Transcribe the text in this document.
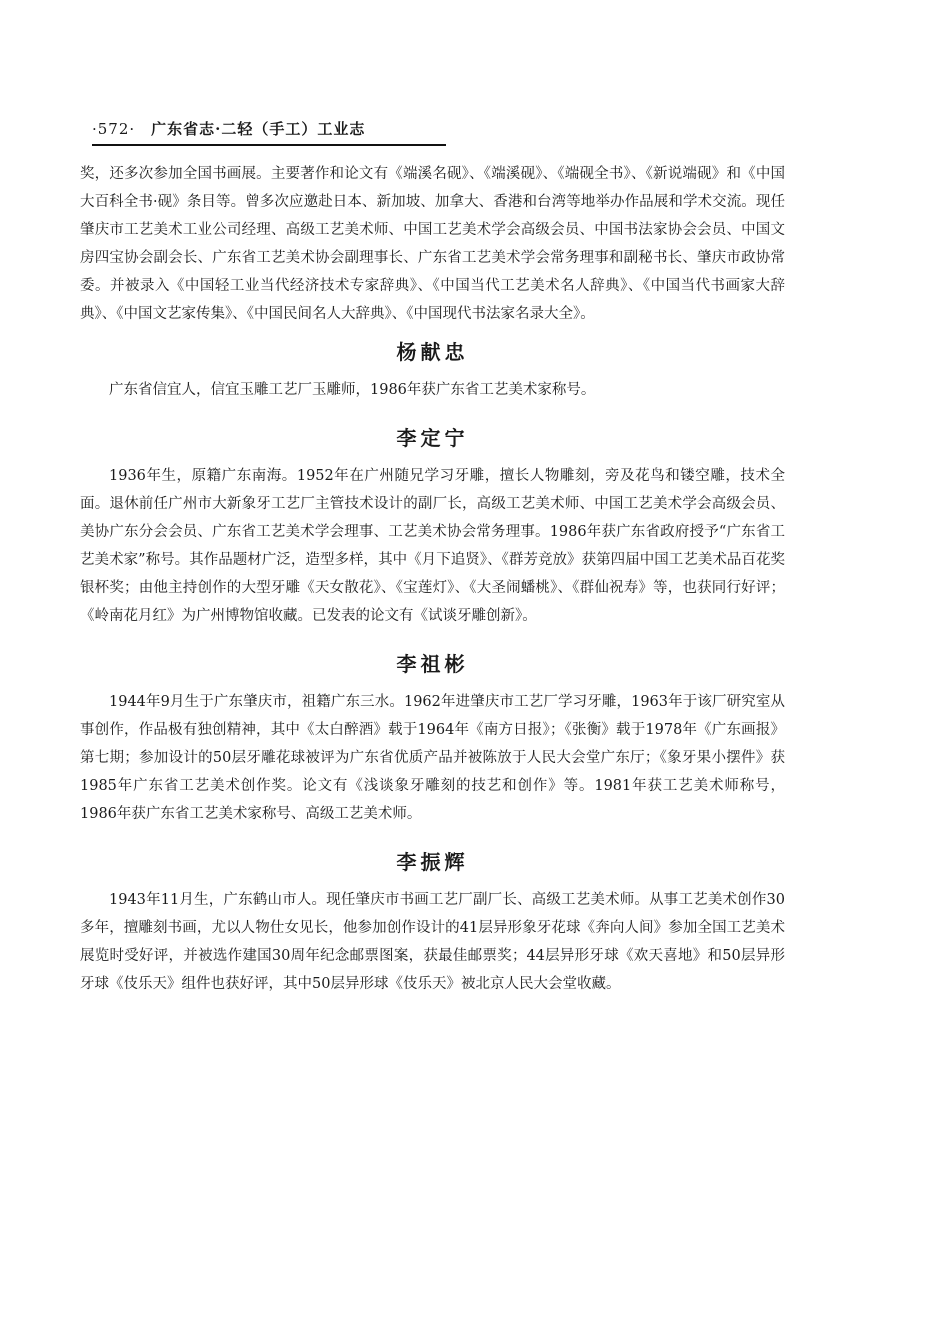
·572· 广东省志·二轻（手工）工业志

奖，还多次参加全国书画展。主要著作和论文有《端溪名砚》、《端溪砚》、《端砚全书》、《新说端砚》和《中国大百科全书·砚》条目等。曾多次应邀赴日本、新加坡、加拿大、香港和台湾等地举办作品展和学术交流。现任肇庆市工艺美术工业公司经理、高级工艺美术师、中国工艺美术学会高级会员、中国书法家协会会员、中国文房四宝协会副会长、广东省工艺美术协会副理事长、广东省工艺美术学会常务理事和副秘书长、肇庆市政协常委。并被录入《中国轻工业当代经济技术专家辞典》、《中国当代工艺美术名人辞典》、《中国当代书画家大辞典》、《中国文艺家传集》、《中国民间名人大辞典》、《中国现代书法家名录大全》。

杨献忠

广东省信宜人，信宜玉雕工艺厂玉雕师，1986年获广东省工艺美术家称号。

李定宁

1936年生，原籍广东南海。1952年在广州随兄学习牙雕，擅长人物雕刻，旁及花鸟和镂空雕，技术全面。退休前任广州市大新象牙工艺厂主管技术设计的副厂长，高级工艺美术师、中国工艺美术学会高级会员、美协广东分会会员、广东省工艺美术学会理事、工艺美术协会常务理事。1986年获广东省政府授予“广东省工艺美术家”称号。其作品题材广泛，造型多样，其中《月下追贤》、《群芳竞放》获第四届中国工艺美术品百花奖银杯奖；由他主持创作的大型牙雕《天女散花》、《宝莲灯》、《大圣闹蟠桃》、《群仙祝寿》等，也获同行好评；《岭南花月红》为广州博物馆收藏。已发表的论文有《试谈牙雕创新》。

李祖彬

1944年9月生于广东肇庆市，祖籍广东三水。1962年进肇庆市工艺厂学习牙雕，1963年于该厂研究室从事创作，作品极有独创精神，其中《太白醉酒》载于1964年《南方日报》；《张衡》载于1978年《广东画报》第七期；参加设计的50层牙雕花球被评为广东省优质产品并被陈放于人民大会堂广东厅；《象牙果小摆件》获1985年广东省工艺美术创作奖。论文有《浅谈象牙雕刻的技艺和创作》等。1981年获工艺美术师称号，1986年获广东省工艺美术家称号、高级工艺美术师。

李振辉

1943年11月生，广东鹤山市人。现任肇庆市书画工艺厂副厂长、高级工艺美术师。从事工艺美术创作30多年，擅雕刻书画，尤以人物仕女见长，他参加创作设计的41层异形象牙花球《奔向人间》参加全国工艺美术展览时受好评，并被选作建国30周年纪念邮票图案，获最佳邮票奖；44层异形牙球《欢天喜地》和50层异形牙球《伎乐天》组件也获好评，其中50层异形球《伎乐天》被北京人民大会堂收藏。
